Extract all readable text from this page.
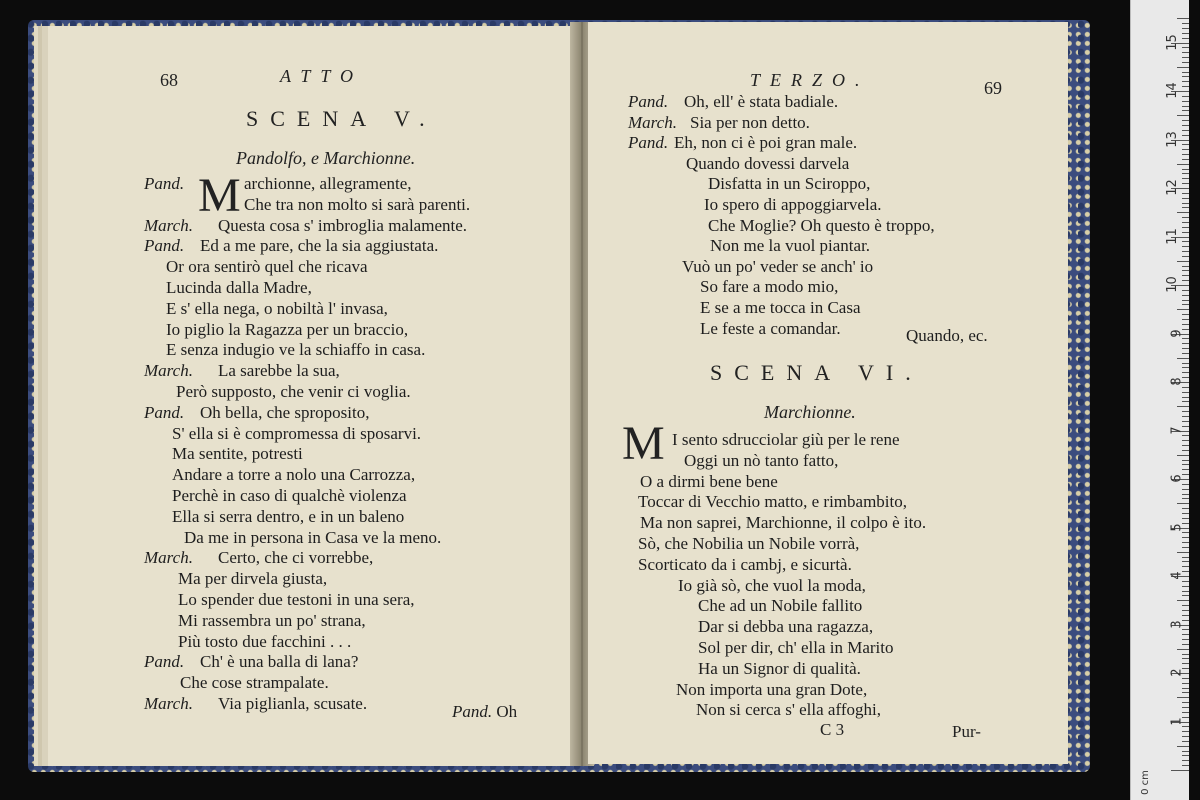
68	ATTO
SCENA V.
Pandolfo, e Marchionne.
M
Pand.	archionne, allegramente,
Che tra non molto si sarà parenti.
March. Questa cosa s' imbroglia malamente.
Pand. Ed a me pare, che la sia aggiustata.
Or ora sentirò quel che ricava
Lucinda dalla Madre,
E s' ella nega, o nobiltà l' invasa,
Io piglio la Ragazza per un braccio,
E senza indugio ve la schiaffo in casa.
March. La sarebbe la sua,
Però supposto, che venir ci voglia.
Pand. Oh bella, che sproposito,
S' ella si è compromessa di sposarvi.
Ma sentite, potresti
Andare a torre a nolo una Carrozza,
Perchè in caso di qualchè violenza
Ella si serra dentro, e in un baleno
Da me in persona in Casa ve la meno.
March. Certo, che ci vorrebbe,
Ma per dirvela giusta,
Lo spender due testoni in una sera,
Mi rassembra un po' strana,
Più tosto due facchini . . .
Pand. Ch' è una balla di lana?
Che cose strampalate.
March. Via piglianla, scusate.	Pand. Oh
TERZO.	69
Pand. Oh, ell' è stata badiale.
March. Sia per non detto.
Pand. Eh, non ci è poi gran male.
Quando dovessi darvela
Disfatta in un Sciroppo,
Io spero di appoggiarvela.
Che Moglie? Oh questo è troppo,
Non me la vuol piantar.
Vuò un po' veder se anch' io
So fare a modo mio,
E se a me tocca in Casa
Le feste a comandar.	Quando, ec.
SCENA VI.
Marchionne.
M I sento sdrucciolar giù per le rene
Oggi un nò tanto fatto,
O a dirmi bene bene
Toccar di Vecchio matto, e rimbambito,
Ma non saprei, Marchionne, il colpo è ito.
Sò, che Nobilia un Nobile vorrà,
Scorticato da i cambj, e sicurtà.
Io già sò, che vuol la moda,
Che ad un Nobile fallito
Dar si debba una ragazza,
Sol per dir, ch' ella in Marito
Ha un Signor di qualità.
Non importa una gran Dote,
Non si cerca s' ella affoghi,
C 3	Pur-
0 cm
1
2
3
4
5
6
7
8
9
10
11
12
13
14
15
